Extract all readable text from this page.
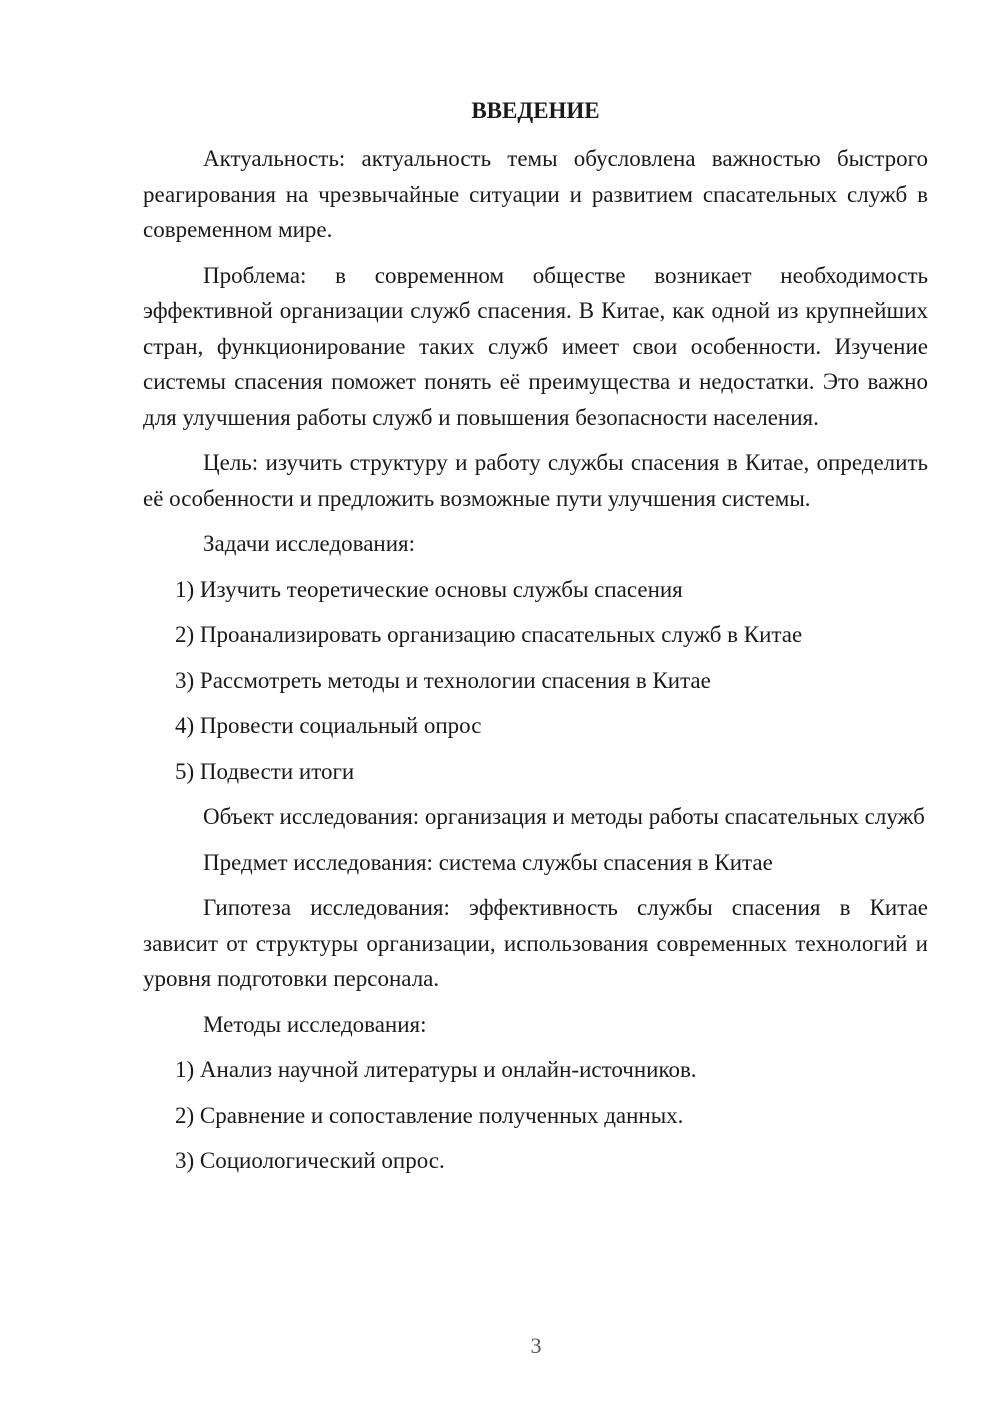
ВВЕДЕНИЕ

Актуальность: актуальность темы обусловлена важностью быстрого реагирования на чрезвычайные ситуации и развитием спасательных служб в современном мире.

Проблема: в современном обществе возникает необходимость эффективной организации служб спасения. В Китае, как одной из крупнейших стран, функционирование таких служб имеет свои особенности. Изучение системы спасения поможет понять её преимущества и недостатки. Это важно для улучшения работы служб и повышения безопасности населения.

Цель: изучить структуру и работу службы спасения в Китае, определить её особенности и предложить возможные пути улучшения системы.

Задачи исследования:

1) Изучить теоретические основы службы спасения

2) Проанализировать организацию спасательных служб в Китае

3) Рассмотреть методы и технологии спасения в Китае

4) Провести социальный опрос

5) Подвести итоги

Объект исследования: организация и методы работы спасательных служб

Предмет исследования: система службы спасения в Китае

Гипотеза исследования: эффективность службы спасения в Китае зависит от структуры организации, использования современных технологий и уровня подготовки персонала.

Методы исследования:

1) Анализ научной литературы и онлайн-источников.

2) Сравнение и сопоставление полученных данных.

3) Социологический опрос.

3
